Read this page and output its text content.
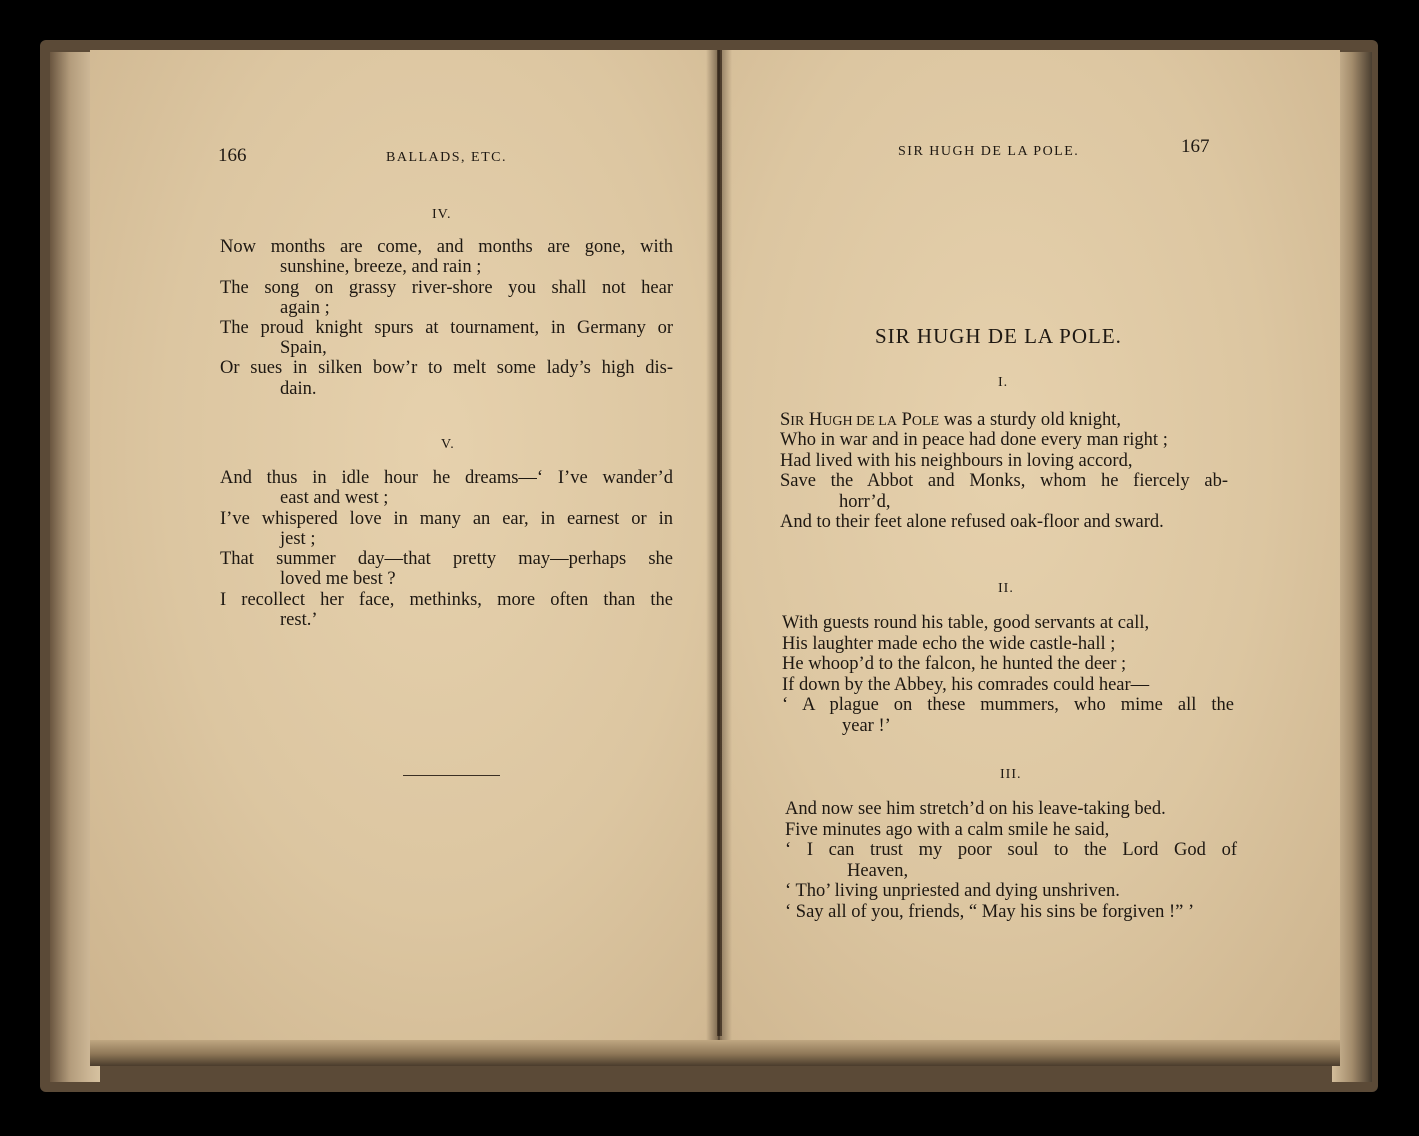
166	BALLADS, ETC.
IV.
Now months are come, and months are gone, with
sunshine, breeze, and rain ;
The song on grassy river-shore you shall not hear
again ;
The proud knight spurs at tournament, in Germany or
Spain,
Or sues in silken bow’r to melt some lady’s high dis-
dain.
V.
And thus in idle hour he dreams—‘ I’ve wander’d
east and west ;
I’ve whispered love in many an ear, in earnest or in
jest ;
That summer day—that pretty may—perhaps she
loved me best ?
I recollect her face, methinks, more often than the
rest.’
SIR HUGH DE LA POLE.	167
SIR HUGH DE LA POLE.
I.
SIR HUGH DE LA POLE was a sturdy old knight,
Who in war and in peace had done every man right ;
Had lived with his neighbours in loving accord,
Save the Abbot and Monks, whom he fiercely ab-
horr’d,
And to their feet alone refused oak-floor and sward.
II.
With guests round his table, good servants at call,
His laughter made echo the wide castle-hall ;
He whoop’d to the falcon, he hunted the deer ;
If down by the Abbey, his comrades could hear—
‘ A plague on these mummers, who mime all the
year !’
III.
And now see him stretch’d on his leave-taking bed.
Five minutes ago with a calm smile he said,
‘ I can trust my poor soul to the Lord God of
Heaven,
‘ Tho’ living unpriested and dying unshriven.
‘ Say all of you, friends, “ May his sins be forgiven !” ’
